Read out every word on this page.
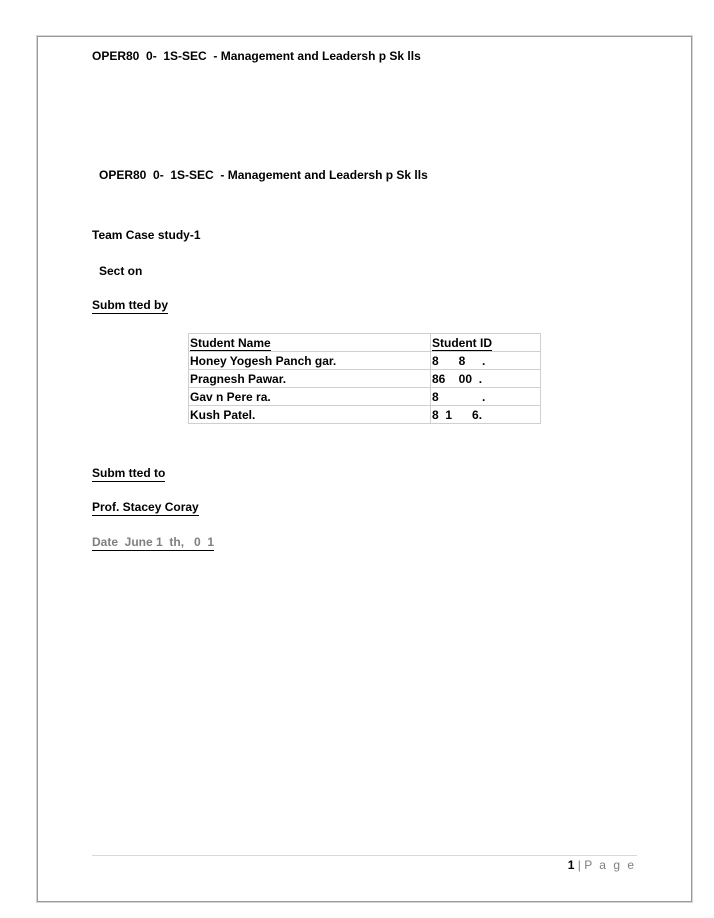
OPER80  0-  1S-SEC  - Management and Leadersh p Sk lls
OPER80  0-  1S-SEC  - Management and Leadersh p Sk lls
Team Case study-1
Sect on
Subm tted by
Student Name	Student ID
Honey Yogesh Panch gar.	8      8     .
Pragnesh Pawar.	86    00  .
Gav n Pere ra.	8             .
Kush Patel.	8  1      6.
Subm tted to
Prof. Stacey Coray
Date  June 1  th,   0  1
1 | P a g e
